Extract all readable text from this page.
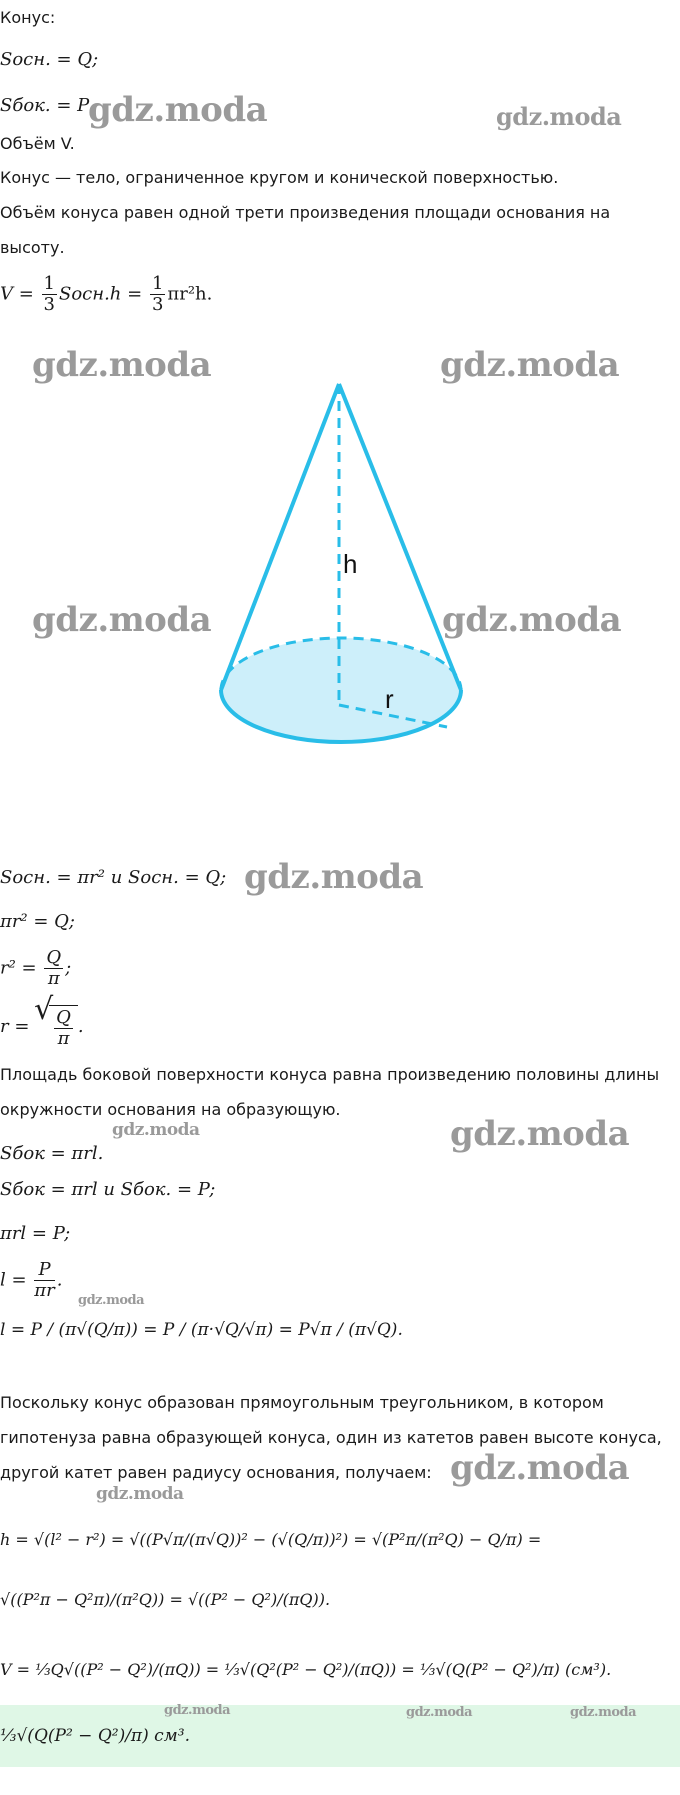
Конус:
Sосн. = Q;
Sбок. = P
Объём V.
Конус — тело, ограниченное кругом и конической поверхностью.
Объём конуса равен одной трети произведения площади основания на
высоту.
$V = \frac{1}{3}$ Sосн.h = $\frac{1}{3} \pi r^2h$.
h
r
Sосн. = πr² и Sосн. = Q;
πr² = Q;
$r^2 = \frac{Q}{\pi}$ ;
r =
√ $\frac{Q}{\pi}$ .
Площадь боковой поверхности конуса равна произведению половины длины
окружности основания на образующую.
Sбок = πrl.
Sбок = πrl и Sбок. = P;
πrl = P;
$l = \frac{P}{\pi r}$ .
l = P / (π√(Q/π)) = P / (π·√Q/√π) = P√π / (π√Q).
Поскольку конус образован прямоугольным треугольником, в котором
гипотенуза равна образующей конуса, один из катетов равен высоте конуса,
другой катет равен радиусу основания, получаем:
h = √(l² − r²) = √((P√π/(π√Q))² − (√(Q/π))²) = √(P²π/(π²Q) − Q/π) =
√((P²π − Q²π)/(π²Q)) = √((P² − Q²)/(πQ)).
V = ⅓Q√((P² − Q²)/(πQ)) = ⅓√(Q²(P² − Q²)/(πQ)) = ⅓√(Q(P² − Q²)/π) (см³).
⅓√(Q(P² − Q²)/π) см³.
gdz.moda	gdz.moda
gdz.moda	gdz.moda
gdz.moda	gdz.moda
gdz.moda
gdz.moda	gdz.moda
gdz.moda
gdz.moda
gdz.moda
gdz.moda	gdz.moda	gdz.moda
